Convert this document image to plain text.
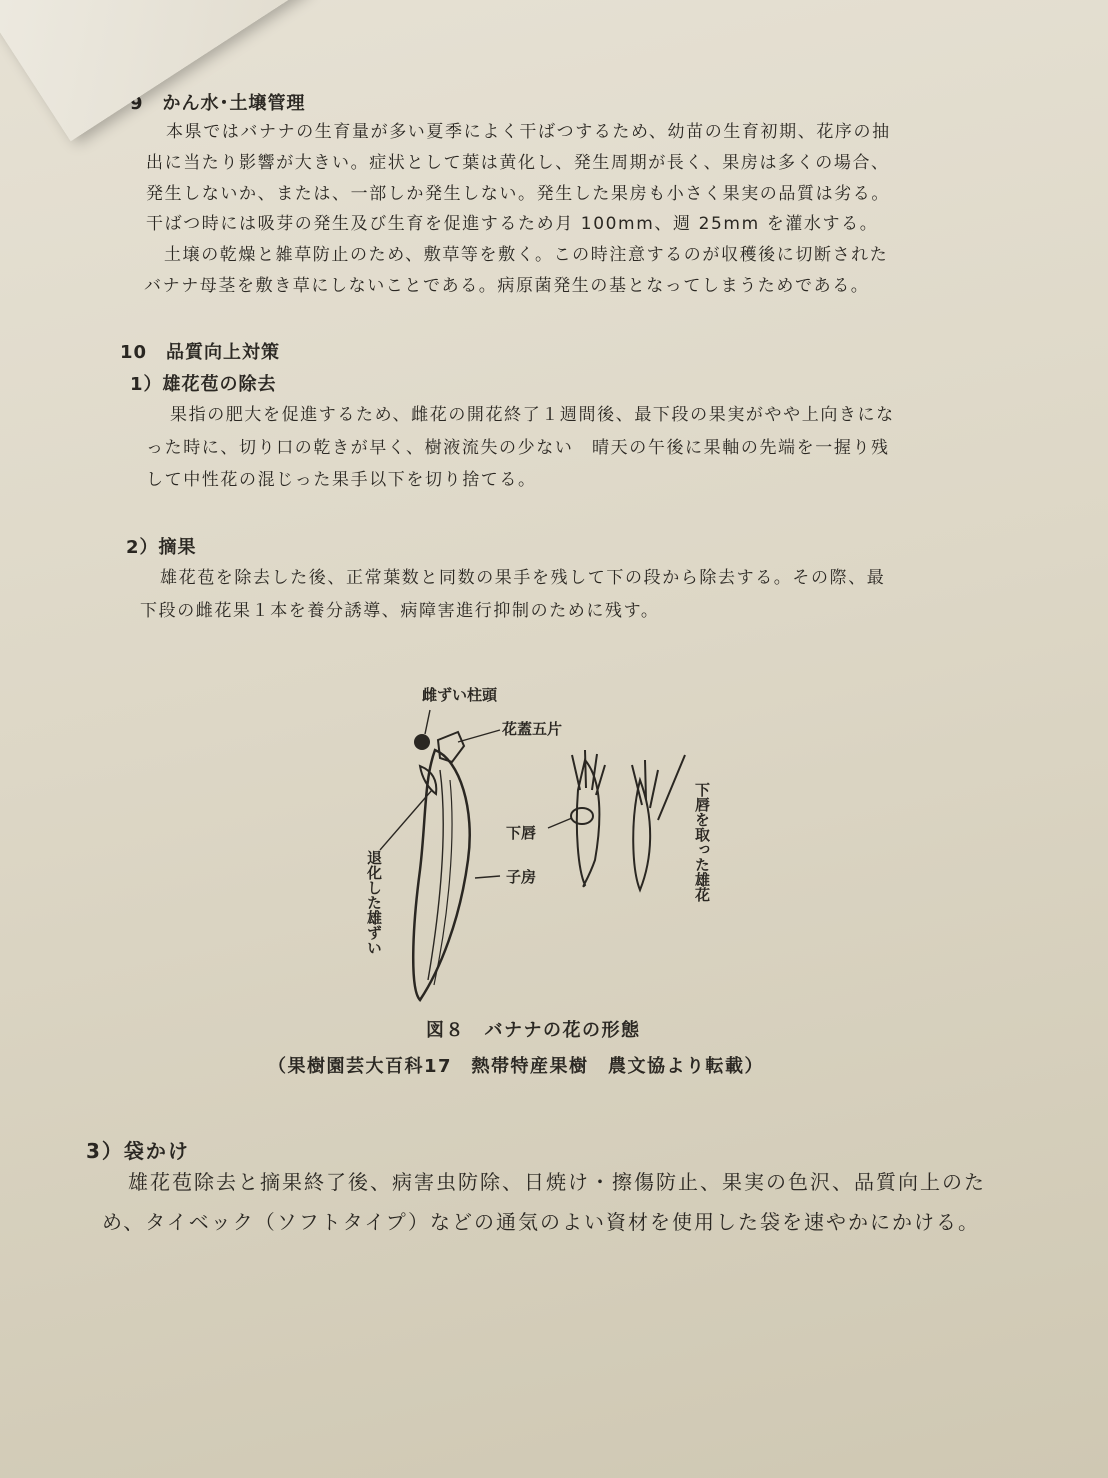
9　かん水･土壌管理
本県ではバナナの生育量が多い夏季によく干ばつするため、幼苗の生育初期、花序の抽
出に当たり影響が大きい。症状として葉は黄化し、発生周期が長く、果房は多くの場合、
発生しないか、または、一部しか発生しない。発生した果房も小さく果実の品質は劣る。
干ばつ時には吸芽の発生及び生育を促進するため月 100mm、週 25mm を灌水する。
土壌の乾燥と雑草防止のため、敷草等を敷く。この時注意するのが収穫後に切断された
バナナ母茎を敷き草にしないことである。病原菌発生の基となってしまうためである。
10　品質向上対策
1）雄花苞の除去
果指の肥大を促進するため、雌花の開花終了１週間後、最下段の果実がやや上向きにな
った時に、切り口の乾きが早く、樹液流失の少ない　晴天の午後に果軸の先端を一握り残
して中性花の混じった果手以下を切り捨てる。
2）摘果
雄花苞を除去した後、正常葉数と同数の果手を残して下の段から除去する。その際、最
下段の雌花果１本を養分誘導、病障害進行抑制のために残す。
雌ずい柱頭
花蓋五片
下唇
子房
退化した雄ずい
下唇を取った雄花
図８　バナナの花の形態
（果樹園芸大百科17　熱帯特産果樹　農文協より転載）
3）袋かけ
雄花苞除去と摘果終了後、病害虫防除、日焼け・擦傷防止、果実の色沢、品質向上のた
め、タイベック（ソフトタイプ）などの通気のよい資材を使用した袋を速やかにかける。
